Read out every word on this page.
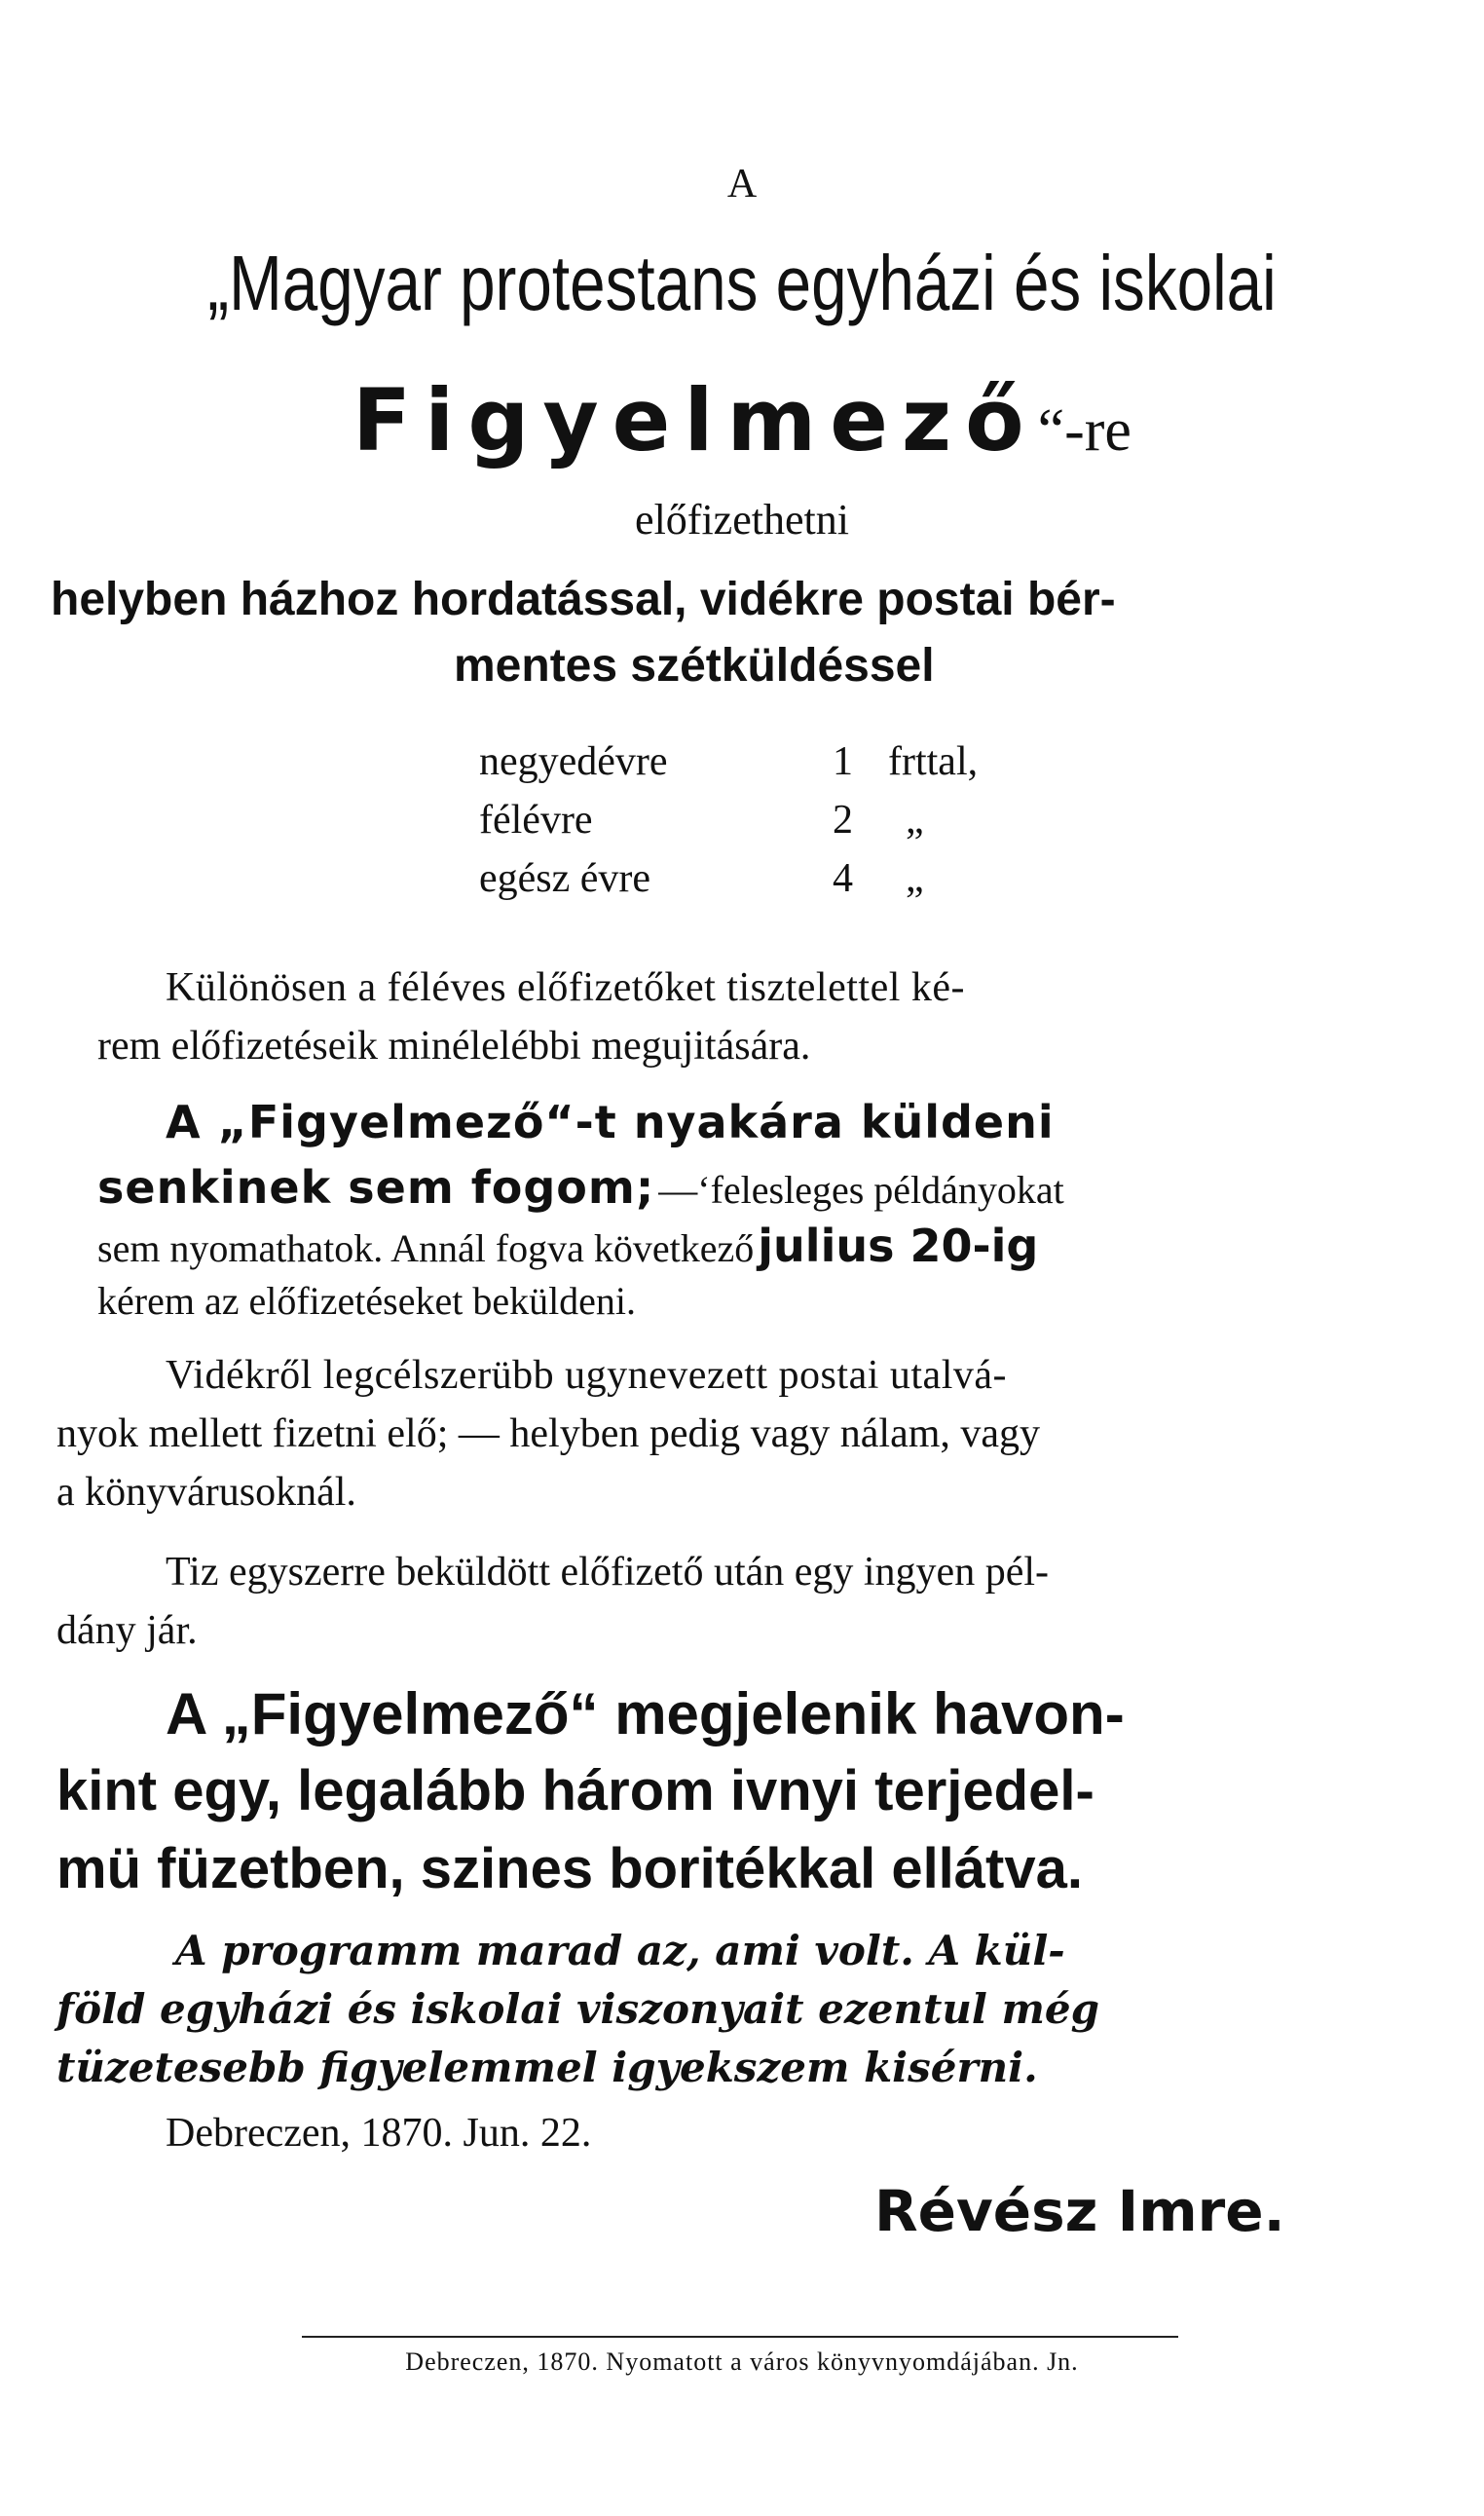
A
„Magyar protestans egyházi és iskolai
Figyelmező“-re
előfizethetni
helyben házhoz hordatással, vidékre postai bér-
mentes szétküldéssel
negyedévre	1 frttal,
félévre	2 „
egész évre	4 „
Különösen a féléves előfizetőket tisztelettel ké-
rem előfizetéseik minélelébbi megujitására.
A „Figyelmező“-t nyakára küldeni
senkinek sem fogom; —‘felesleges példányokat
sem nyomathatok. Annál fogva következő julius 20-ig
kérem az előfizetéseket beküldeni.
Vidékről legcélszerübb ugynevezett postai utalvá-
nyok mellett fizetni elő; — helyben pedig vagy nálam, vagy
a könyvárusoknál.
Tiz egyszerre beküldött előfizető után egy ingyen pél-
dány jár.
A „Figyelmező“ megjelenik havon-
kint egy, legalább három ivnyi terjedel-
mü füzetben, szines boritékkal ellátva.
A programm marad az, ami volt. A kül-
föld egyházi és iskolai viszonyait ezentul még
tüzetesebb figyelemmel igyekszem kisérni.
Debreczen, 1870. Jun. 22.
Révész Imre.
Debreczen, 1870. Nyomatott a város könyvnyomdájában. Jn.
